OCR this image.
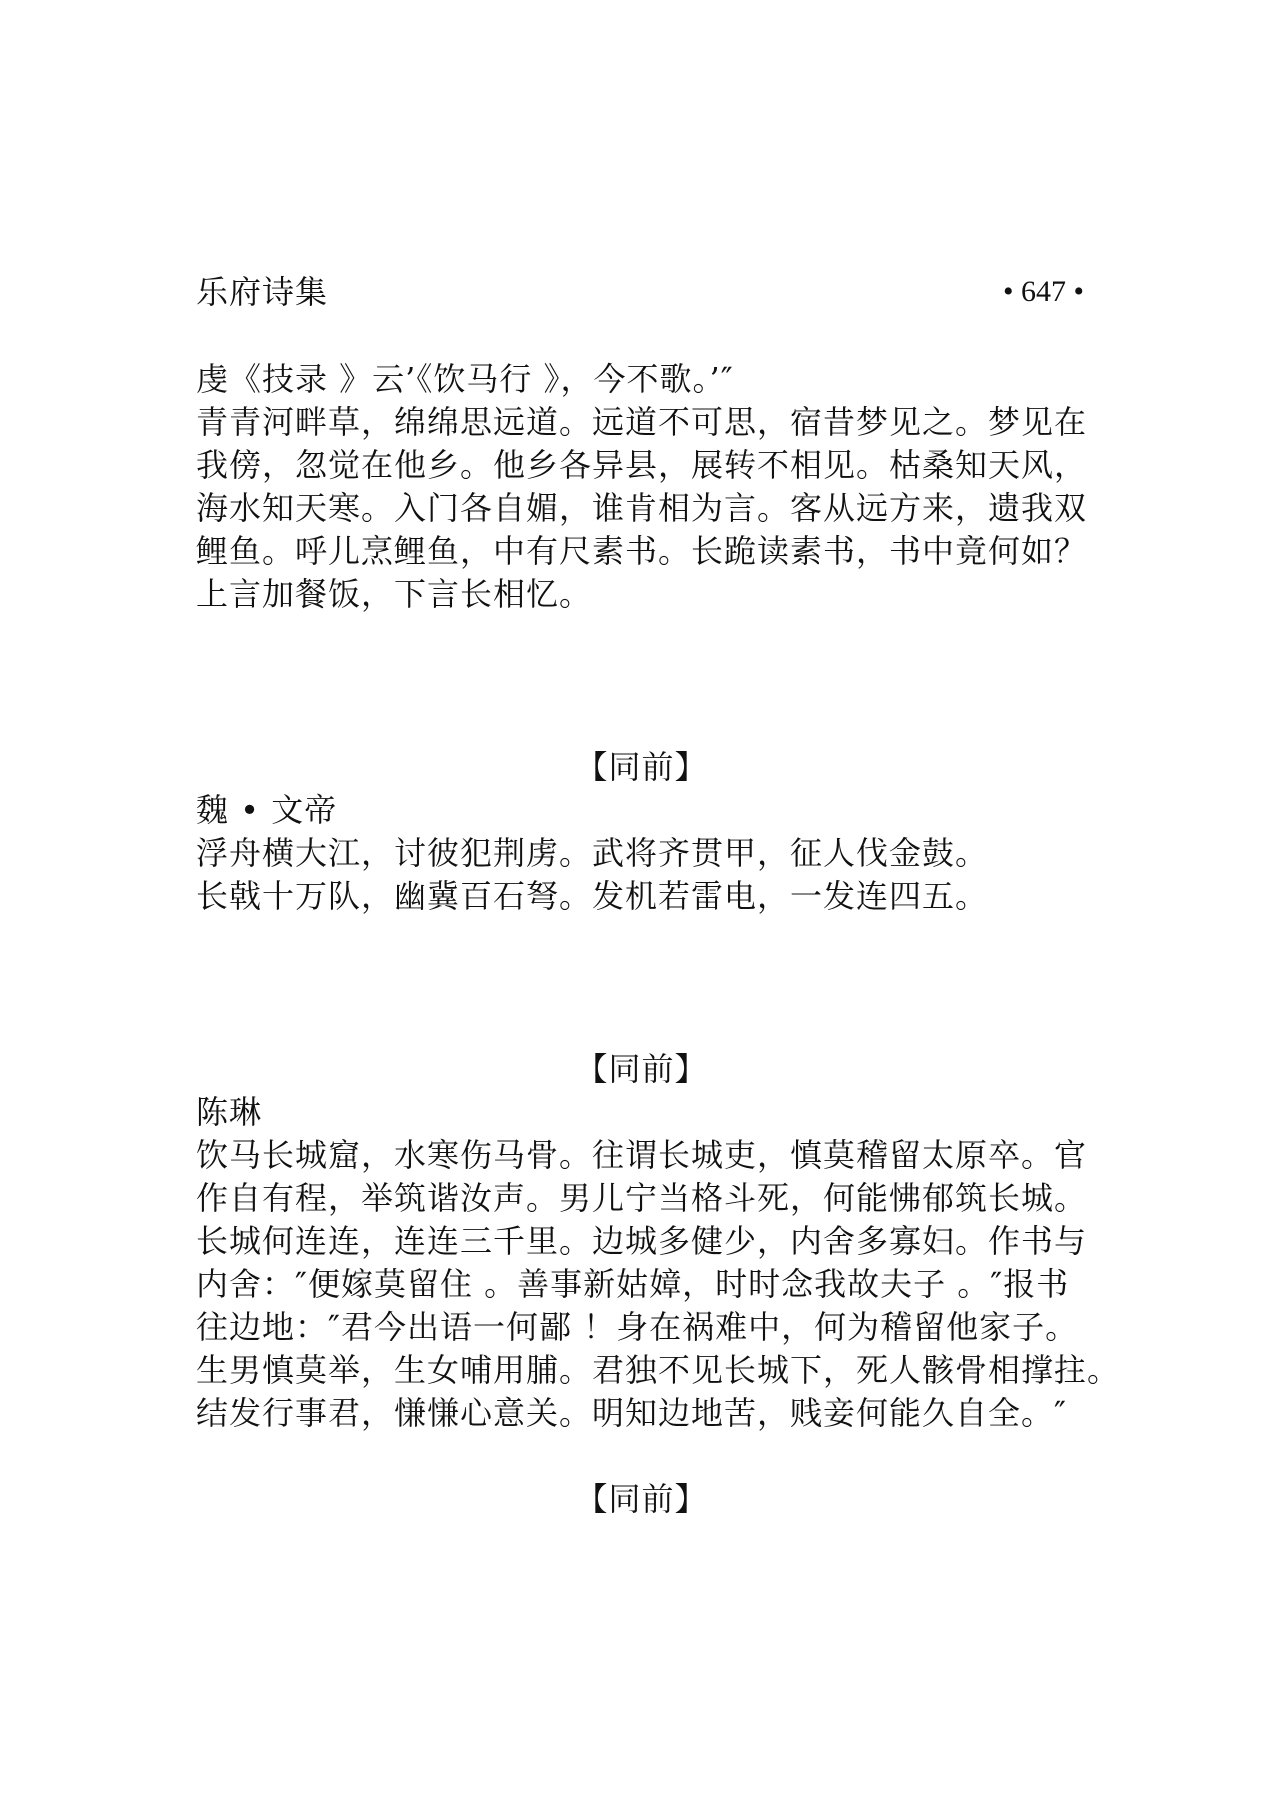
乐府诗集	• 647 •
虔《技录 》云’《饮马行 》，今不歌。’″
青青河畔草，绵绵思远道。远道不可思，宿昔梦见之。梦见在
我傍，忽觉在他乡。他乡各异县，展转不相见。枯桑知天风，
海水知天寒。入门各自媚，谁肯相为言。客从远方来，遗我双
鲤鱼。呼儿烹鲤鱼，中有尺素书。长跪读素书，书中竟何如？
上言加餐饭，下言长相忆。
【同前】
魏 • 文帝
浮舟横大江，讨彼犯荆虏。武将齐贯甲，征人伐金鼓。
长戟十万队，幽冀百石弩。发机若雷电，一发连四五。
【同前】
陈琳
饮马长城窟，水寒伤马骨。往谓长城吏，慎莫稽留太原卒。官
作自有程，举筑谐汝声。男儿宁当格斗死，何能怫郁筑长城。
长城何连连，连连三千里。边城多健少，内舍多寡妇。作书与
内舍：″便嫁莫留住 。善事新姑嫜，时时念我故夫子 。″报书
往边地：″君今出语一何鄙 ！身在祸难中，何为稽留他家子。
生男慎莫举，生女哺用脯。君独不见长城下，死人骸骨相撑拄。
结发行事君，慊慊心意关。明知边地苦，贱妾何能久自全。″
【同前】
